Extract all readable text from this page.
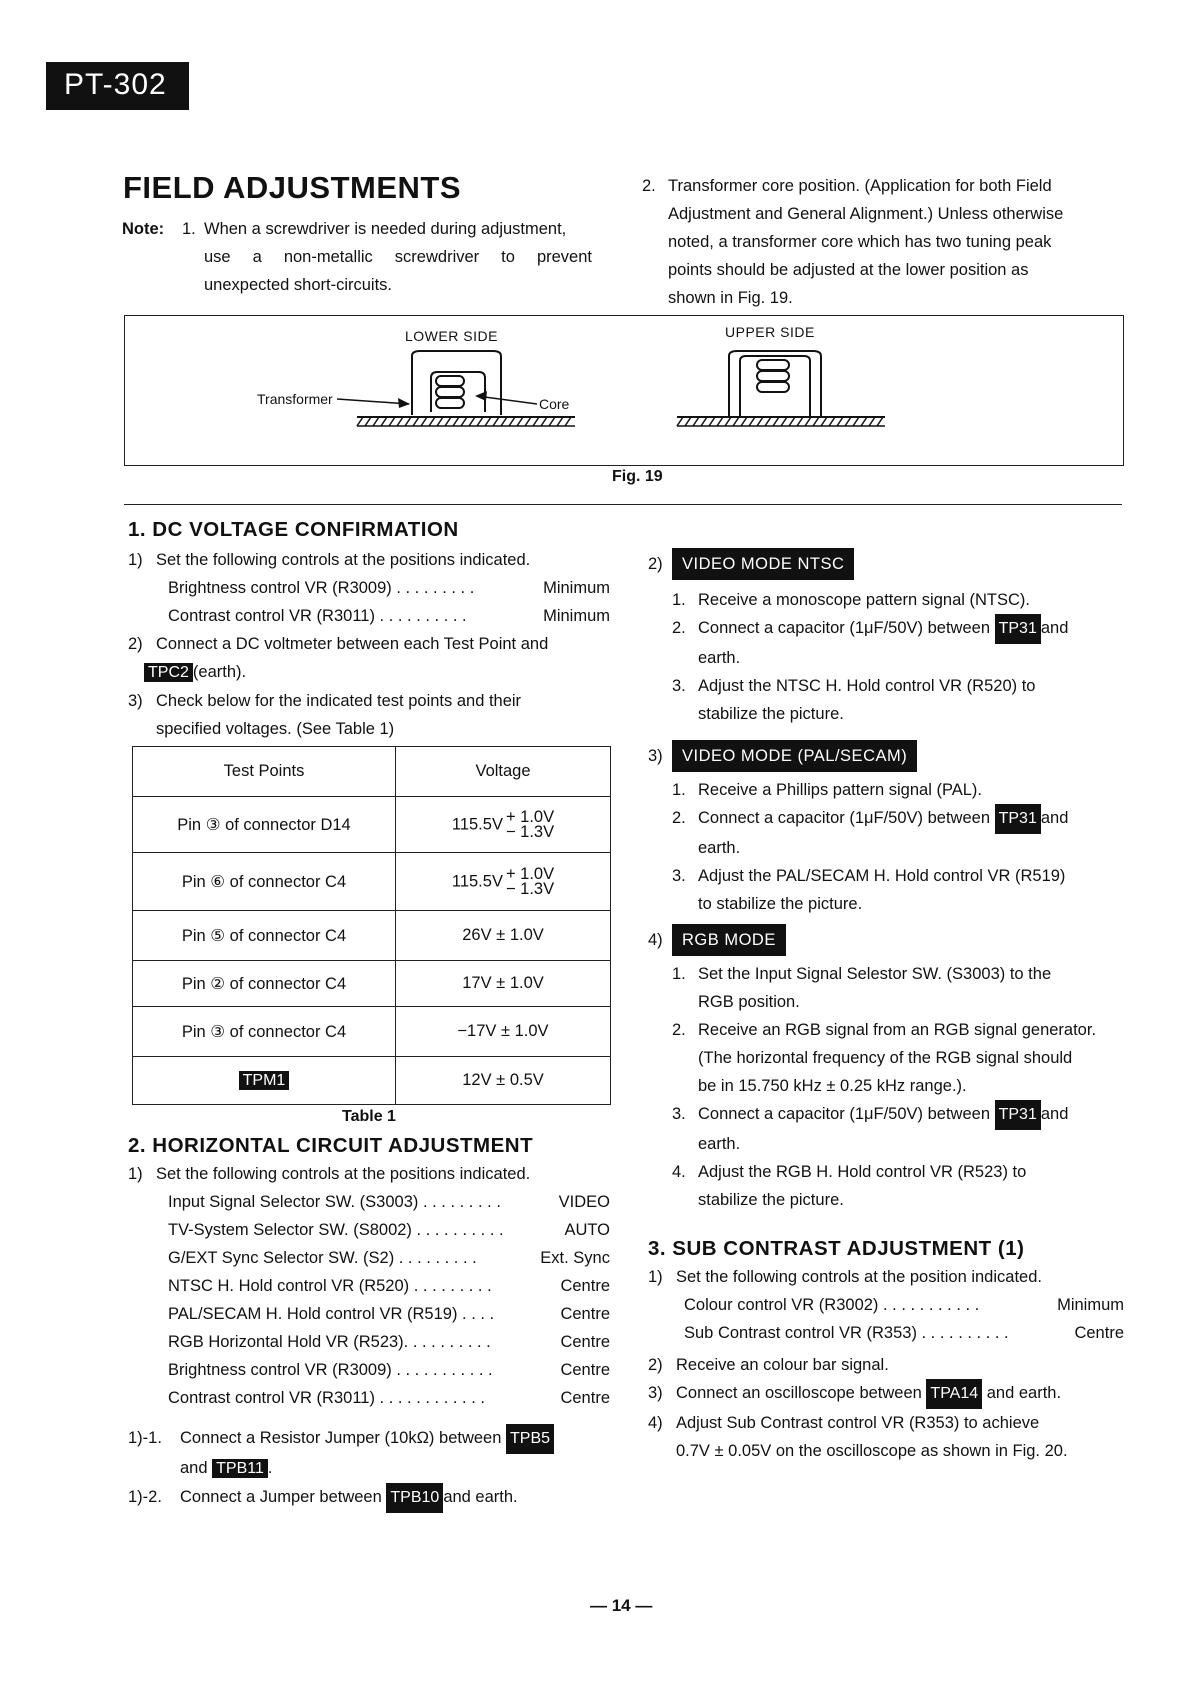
PT-302
FIELD ADJUSTMENTS
Note:	1. When a screwdriver is needed during adjustment,
use a non-metallic screwdriver to prevent
unexpected short-circuits.
2. Transformer core position. (Application for both Field
Adjustment and General Alignment.) Unless otherwise
noted, a transformer core which has two tuning peak
points should be adjusted at the lower position as
shown in Fig. 19.
LOWER SIDE	UPPER SIDE
Transformer	Core
Fig. 19
1. DC VOLTAGE CONFIRMATION
1) Set the following controls at the positions indicated.
Brightness control VR (R3009) . . . . . . . . .	Minimum
Contrast control VR (R3011) . . . . . . . . . .	Minimum
2) Connect a DC voltmeter between each Test Point and
TPC2 (earth).
3) Check below for the indicated test points and their
specified voltages. (See Table 1)
Test Points	Voltage
Pin ③ of connector D14	115.5V + 1.0V
− 1.3V

Pin ⑥ of connector C4	115.5V + 1.0V
− 1.3V

Pin ⑤ of connector C4	26V ± 1.0V
Pin ② of connector C4	17V ± 1.0V
Pin ③ of connector C4	−17V ± 1.0V
TPM1	12V ± 0.5V
Table 1
2. HORIZONTAL CIRCUIT ADJUSTMENT
1) Set the following controls at the positions indicated.
Input Signal Selector SW. (S3003) . . . . . . . . .	VIDEO
TV-System Selector SW. (S8002) . . . . . . . . . .	AUTO
G/EXT Sync Selector SW. (S2) . . . . . . . . .	Ext. Sync
NTSC H. Hold control VR (R520) . . . . . . . . .	Centre
PAL/SECAM H. Hold control VR (R519) . . . .	Centre
RGB Horizontal Hold VR (R523). . . . . . . . . .	Centre
Brightness control VR (R3009) . . . . . . . . . . .	Centre
Contrast control VR (R3011) . . . . . . . . . . . .	Centre
1)-1.	Connect a Resistor Jumper (10kΩ) between
TPB5
and TPB11 .
1)-2.	Connect a Jumper between
TPB10 and earth.
2) VIDEO MODE NTSC
1. Receive a monoscope pattern signal (NTSC).
2. Connect a capacitor (1μF/50V) between
TP31 and
earth.
3. Adjust the NTSC H. Hold control VR (R520) to
stabilize the picture.
3) VIDEO MODE (PAL/SECAM)
1. Receive a Phillips pattern signal (PAL).
2. Connect a capacitor (1μF/50V) between
TP31 and
earth.
3. Adjust the PAL/SECAM H. Hold control VR (R519)
to stabilize the picture.
4) RGB MODE
1. Set the Input Signal Selestor SW. (S3003) to the
RGB position.
2. Receive an RGB signal from an RGB signal generator.
(The horizontal frequency of the RGB signal should
be in 15.750 kHz ± 0.25 kHz range.).
3. Connect a capacitor (1μF/50V) between
TP31 and
earth.
4. Adjust the RGB H. Hold control VR (R523) to
stabilize the picture.
3. SUB CONTRAST ADJUSTMENT (1)
1) Set the following controls at the position indicated.
Colour control VR (R3002) . . . . . . . . . . .	Minimum
Sub Contrast control VR (R353) . . . . . . . . . .	Centre
2) Receive an colour bar signal.
3) Connect an oscilloscope between
TPA14
and earth.
4) Adjust Sub Contrast control VR (R353) to achieve
0.7V ± 0.05V on the oscilloscope as shown in Fig. 20.
— 14 —
